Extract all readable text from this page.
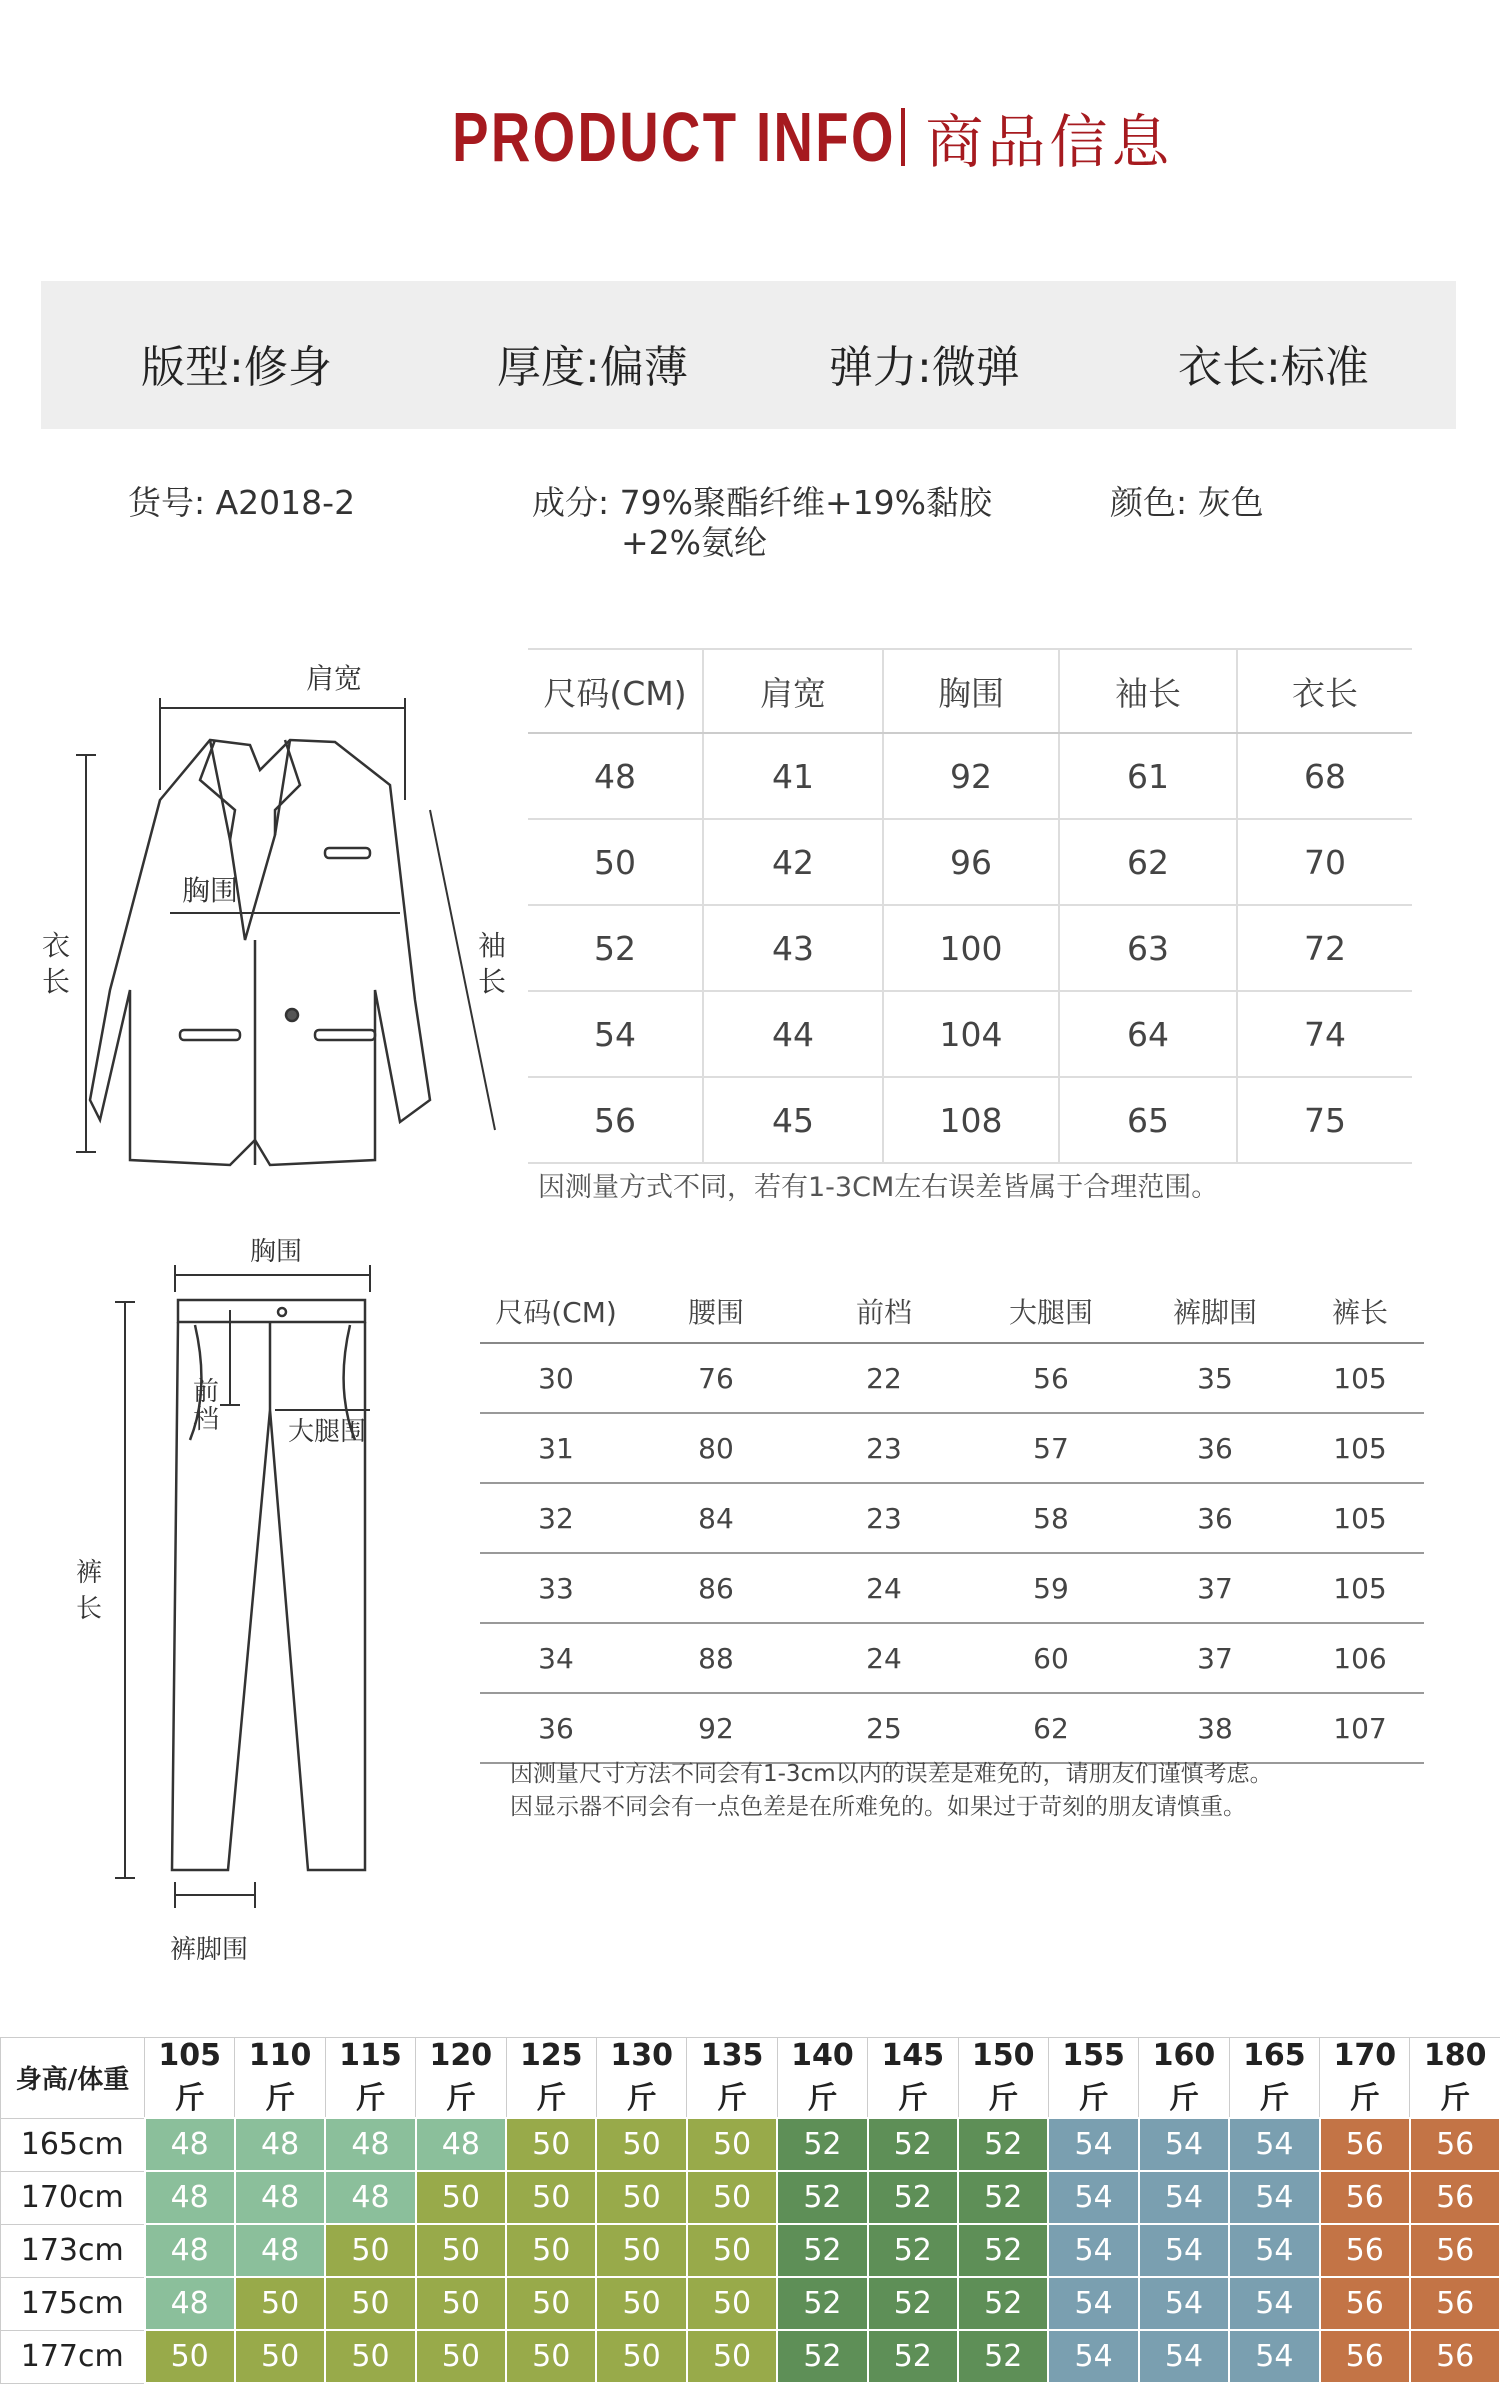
PRODUCT INFO 商品信息
版型:修身	厚度:偏薄	弹力:微弹	衣长:标准
货号: A2018-2	成分: 79%聚酯纤维+19%黏胶
+2%氨纶
颜色: 灰色
肩宽
胸围
衣长
袖长
尺码(CM)	肩宽	胸围	袖长	衣长
48	41	92	61	68
50	42	96	62	70
52	43	100	63	72
54	44	104	64	74
56	45	108	65	75
因测量方式不同，若有1-3CM左右误差皆属于合理范围。
胸围
大腿围
裤脚围
前档
裤长
尺码(CM)	腰围	前档	大腿围	裤脚围	裤长
30	76	22	56	35	105
31	80	23	57	36	105
32	84	23	58	36	105
33	86	24	59	37	105
34	88	24	60	37	106
36	92	25	62	38	107
因测量尺寸方法不同会有1-3cm以内的误差是难免的，请朋友们谨慎考虑。
因显示器不同会有一点色差是在所难免的。如果过于苛刻的朋友请慎重。
身高/体重	105斤	110斤	115斤	120斤	125斤	130斤	135斤	140斤	145斤	150斤	155斤	160斤	165斤	170斤	180斤
165cm	48	48	48	48	50	50	50	52	52	52	54	54	54	56	56
170cm	48	48	48	50	50	50	50	52	52	52	54	54	54	56	56
173cm	48	48	50	50	50	50	50	52	52	52	54	54	54	56	56
175cm	48	50	50	50	50	50	50	52	52	52	54	54	54	56	56
177cm	50	50	50	50	50	50	50	52	52	52	54	54	54	56	56
